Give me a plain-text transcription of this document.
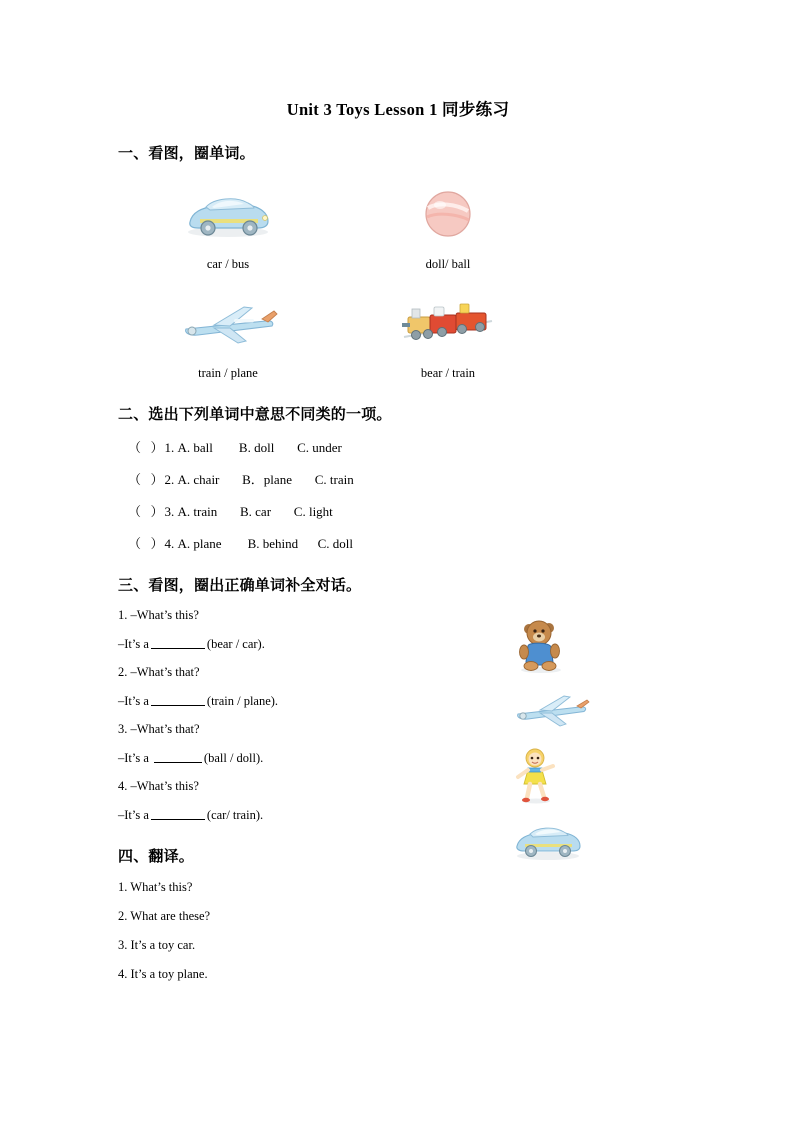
Unit 3 Toys Lesson 1 同步练习
一、看图，圈单词。
car / bus	doll/ ball
train / plane	bear / train
二、选出下列单词中意思不同类的一项。
（  ）1. A. ball B. doll C. under
（  ）2. A. chair B．plane C. train
（  ）3. A. train B. car C. light
（  ）4. A. plane B. behind C. doll
三、看图，圈出正确单词补全对话。
1. –What’s this?
–It’s a	(bear / car).
2. –What’s that?
–It’s a	(train / plane).
3. –What’s that?
–It’s a	(ball / doll).
4. –What’s this?
–It’s a	(car/ train).
四、翻译。
1. What’s this?
2. What are these?
3. It’s a toy car.
4. It’s a toy plane.
